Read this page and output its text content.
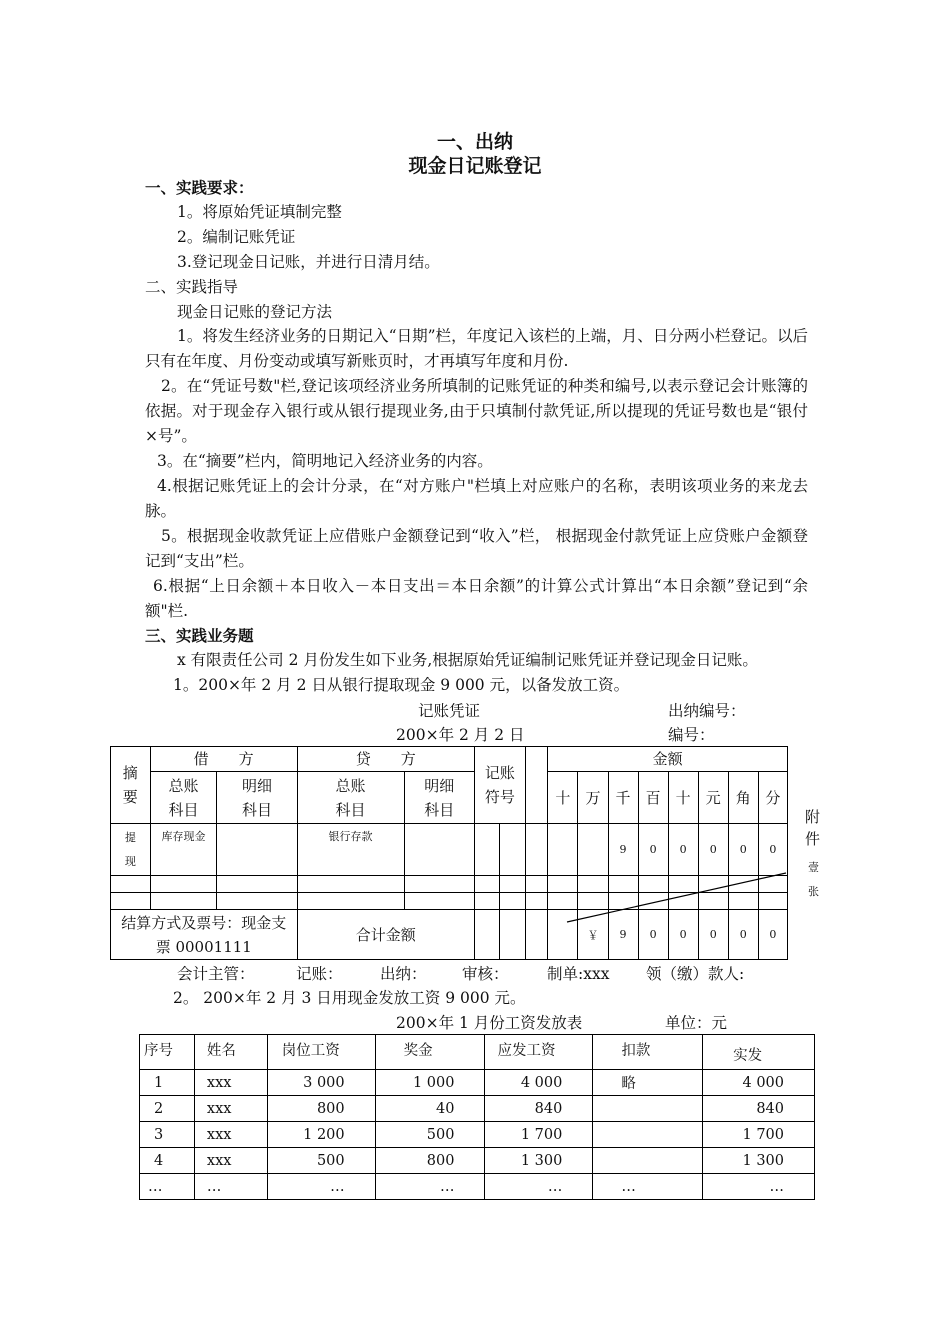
一、出纳
现金日记账登记
一、实践要求：
1。将原始凭证填制完整
2。编制记账凭证
3.登记现金日记账，并进行日清月结。
二、实践指导
现金日记账的登记方法
1。将发生经济业务的日期记入“日期”栏，年度记入该栏的上端，月、日分两小栏登记。以后只有在年度、月份变动或填写新账页时，才再填写年度和月份.
2。在“凭证号数"栏,登记该项经济业务所填制的记账凭证的种类和编号,以表示登记会计账簿的依据。对于现金存入银行或从银行提现业务,由于只填制付款凭证,所以提现的凭证号数也是“银付×号”。
3。在“摘要”栏内，简明地记入经济业务的内容。
4.根据记账凭证上的会计分录，在“对方账户"栏填上对应账户的名称，表明该项业务的来龙去脉。
5。根据现金收款凭证上应借账户金额登记到“收入”栏， 根据现金付款凭证上应贷账户金额登记到“支出”栏。
6.根据“上日余额＋本日收入－本日支出＝本日余额”的计算公式计算出“本日余额”登记到“余额"栏.
三、实践业务题
x 有限责任公司 2 月份发生如下业务,根据原始凭证编制记账凭证并登记现金日记账。
1。200×年 2 月 2 日从银行提取现金 9 000 元，以备发放工资。
记账凭证	出纳编号：
200×年 2 月 2 日	编号：
摘要	借　　方		贷　　方		记账符号			金额							

	总账科目	明细科目	总账科目	明细科目				十	万	千	百	十	元	角	分

提现	库存现金		银行存款							9	0	0	0	0	0

结算方式及票号：现金支票 00001111			合计金额						￥	9	0	0	0	0	0
附件
壹张
会计主管：	记账： 出纳： 审核： 制单:xxx 领（缴）款人:
2。 200×年 2 月 3 日用现金发放工资 9 000 元。
200×年 1 月份工资发放表	单位：元
序号	姓名	岗位工资	奖金	应发工资	扣款	实发
1	xxx	3 000	1 000	4 000	略	4 000
2	xxx	800	40	840		840
3	xxx	1 200	500	1 700		1 700
4	xxx	500	800	1 300		1 300
…	…	…	…	…	…	…
